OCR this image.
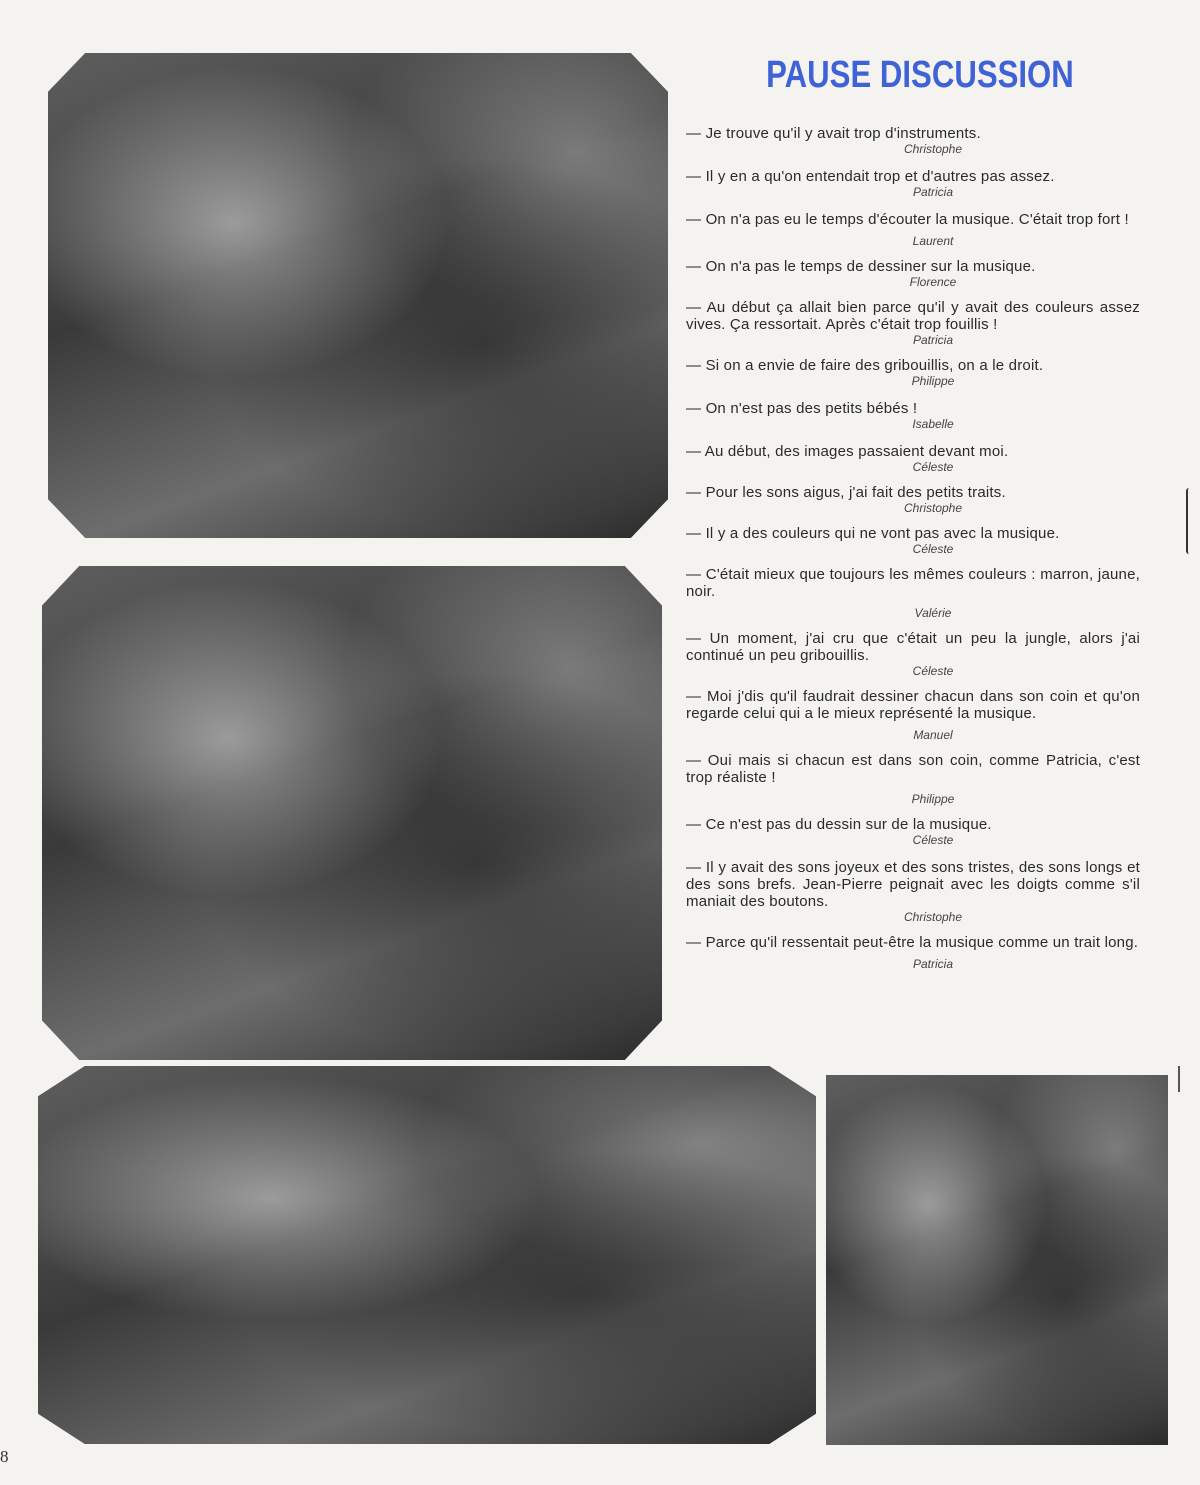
PAUSE DISCUSSION
— Je trouve qu'il y avait trop d'instruments.
Christophe
— Il y en a qu'on entendait trop et d'autres pas assez.
Patricia
— On n'a pas eu le temps d'écouter la musique. C'était trop fort !
Laurent
— On n'a pas le temps de dessiner sur la musique.
Florence
— Au début ça allait bien parce qu'il y avait des couleurs assez vives. Ça ressortait. Après c'était trop fouillis !
Patricia
— Si on a envie de faire des gribouillis, on a le droit.
Philippe
— On n'est pas des petits bébés !
Isabelle
— Au début, des images passaient devant moi.
Céleste
— Pour les sons aigus, j'ai fait des petits traits.
Christophe
— Il y a des couleurs qui ne vont pas avec la musique.
Céleste
— C'était mieux que toujours les mêmes couleurs : marron, jaune, noir.
Valérie
— Un moment, j'ai cru que c'était un peu la jungle, alors j'ai continué un peu gribouillis.
Céleste
— Moi j'dis qu'il faudrait dessiner chacun dans son coin et qu'on regarde celui qui a le mieux représenté la musique.
Manuel
— Oui mais si chacun est dans son coin, comme Patricia, c'est trop réaliste !
Philippe
— Ce n'est pas du dessin sur de la musique.
Céleste
— Il y avait des sons joyeux et des sons tristes, des sons longs et des sons brefs. Jean-Pierre peignait avec les doigts comme s'il maniait des boutons.
Christophe
— Parce qu'il ressentait peut-être la musique comme un trait long.
Patricia
8
